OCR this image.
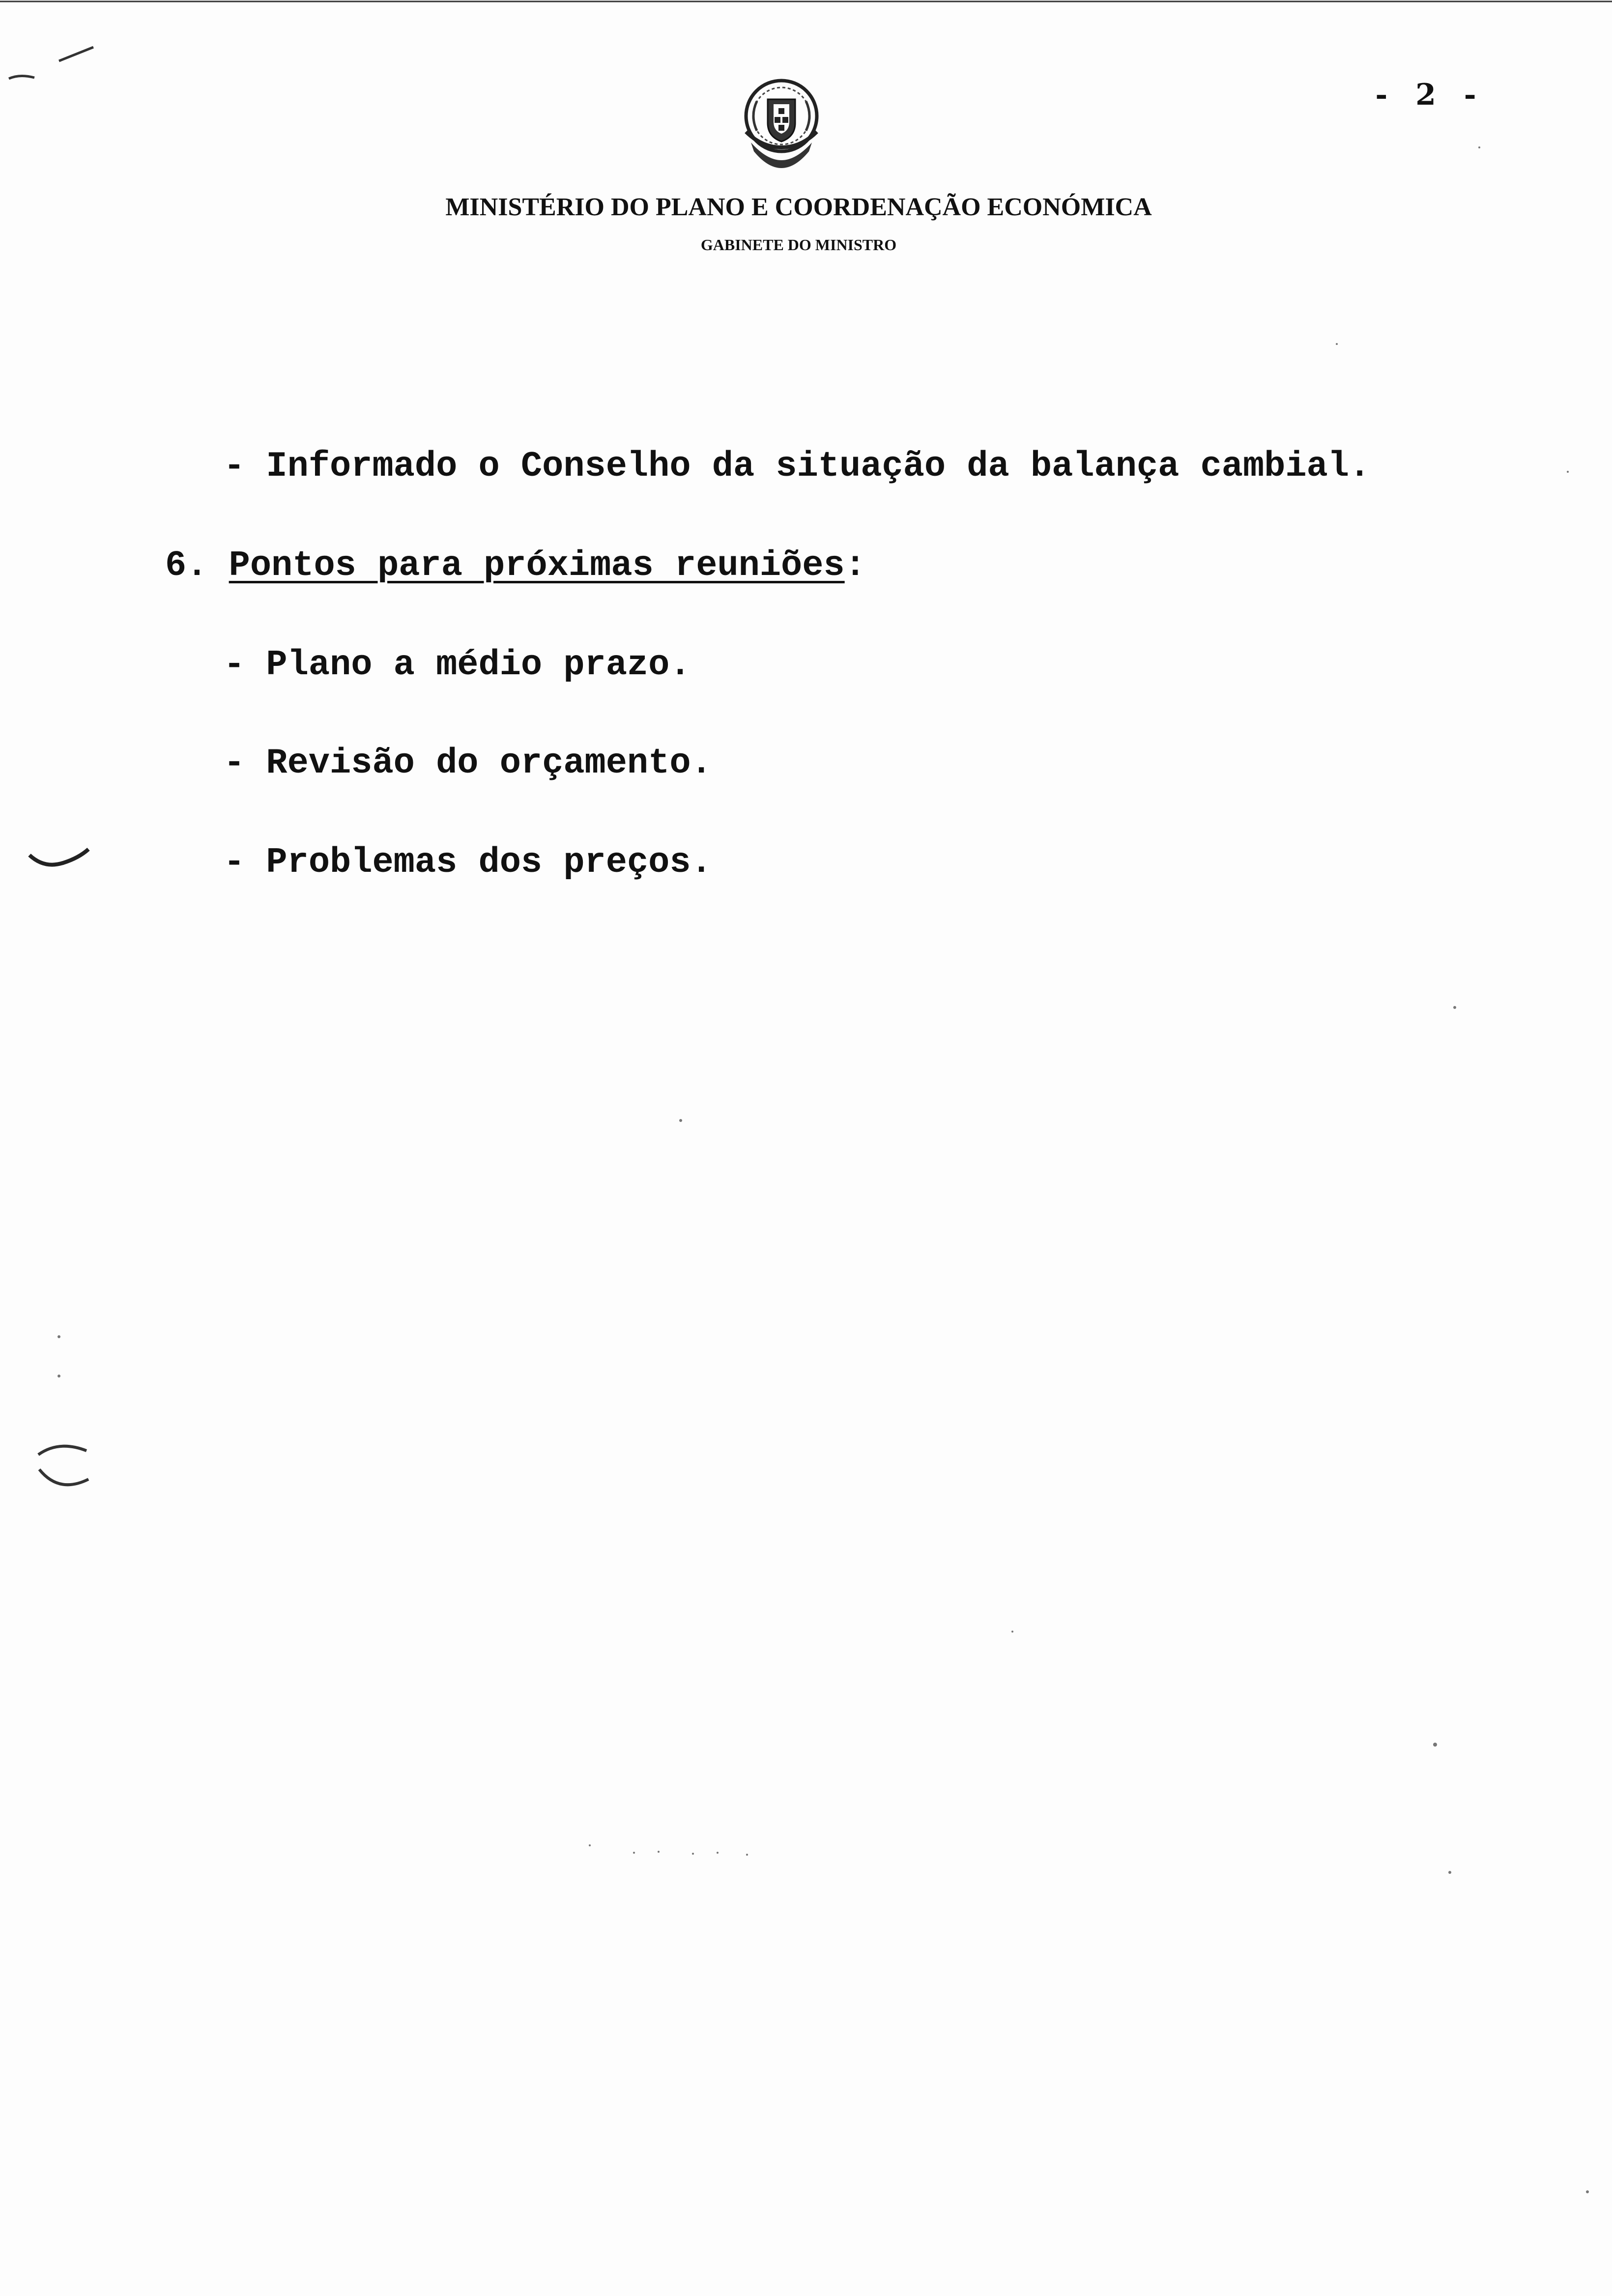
- 2 -
MINISTÉRIO DO PLANO E COORDENAÇÃO ECONÓMICA
GABINETE DO MINISTRO
- Informado o Conselho da situação da balança cambial.
6. Pontos para próximas reuniões:
- Plano a médio prazo.
- Revisão do orçamento.
- Problemas dos preços.
